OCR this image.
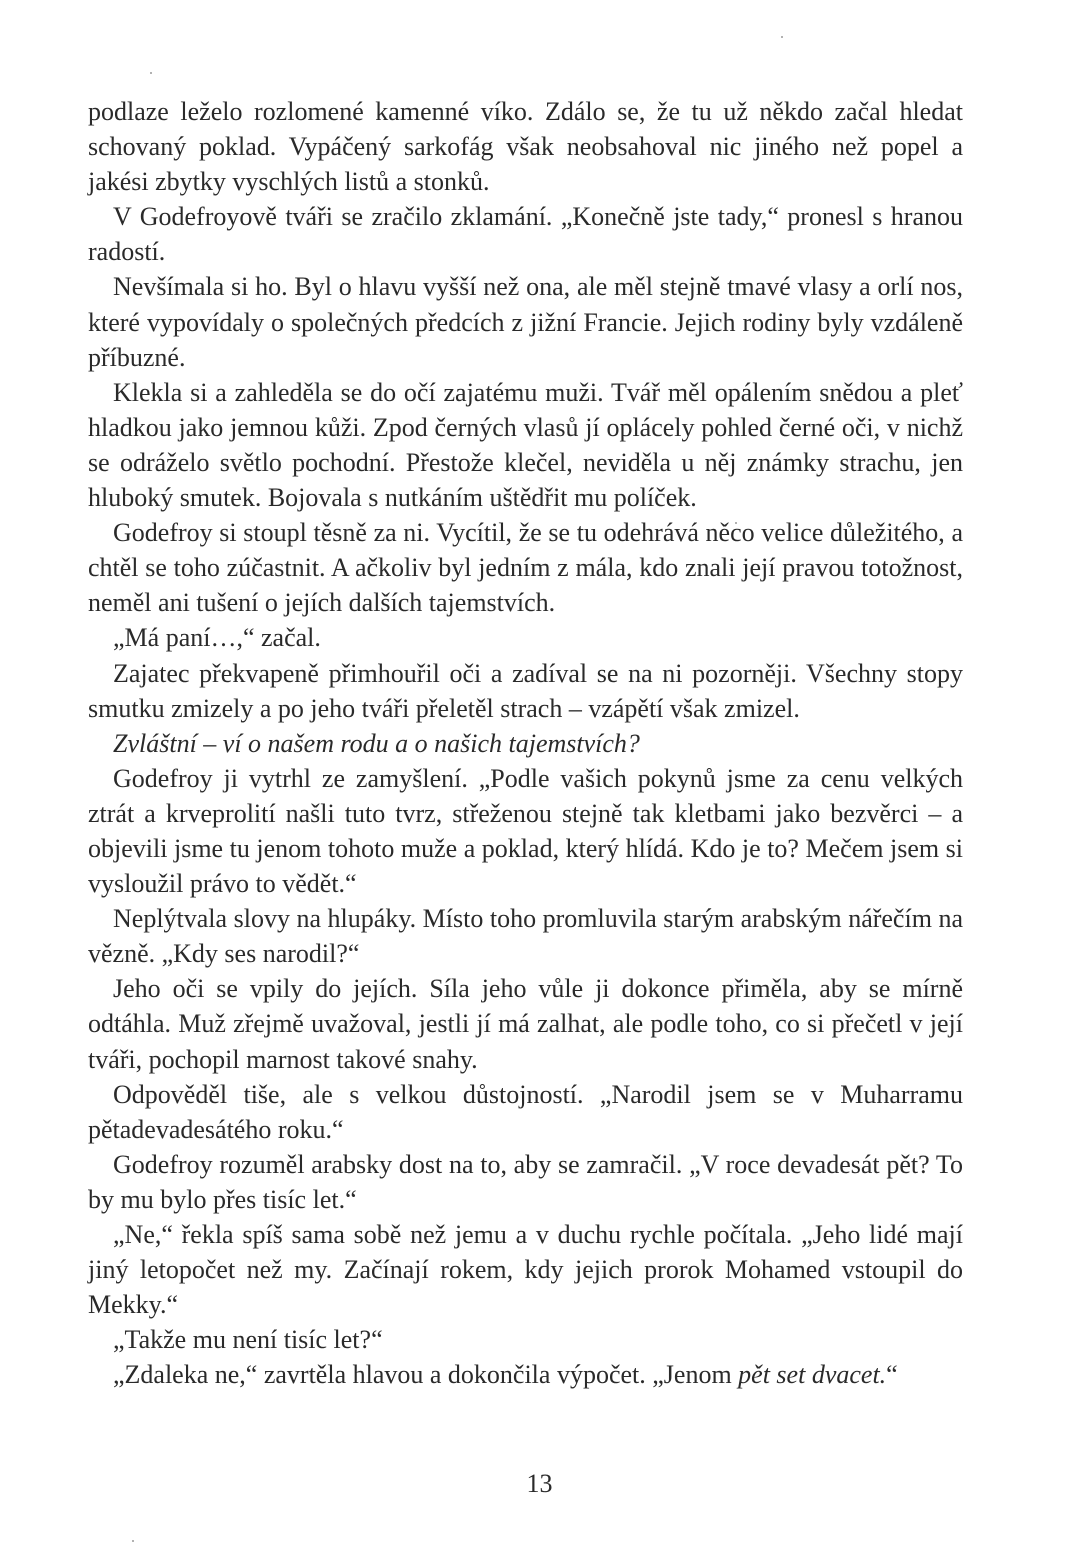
podlaze leželo rozlomené kamenné víko. Zdálo se, že tu už někdo začal hledat schovaný poklad. Vypáčený sarkofág však neobsahoval nic jiného než popel a jakési zbytky vyschlých listů a stonků.

V Godefroyově tváři se zračilo zklamání. „Konečně jste tady,“ pronesl s hranou radostí.

Nevšímala si ho. Byl o hlavu vyšší než ona, ale měl stejně tmavé vlasy a orlí nos, které vypovídaly o společných předcích z jižní Francie. Jejich rodiny byly vzdáleně příbuzné.

Klekla si a zahleděla se do očí zajatému muži. Tvář měl opálením snědou a pleť hladkou jako jemnou kůži. Zpod černých vlasů jí oplácely pohled černé oči, v nichž se odráželo světlo pochodní. Přestože klečel, neviděla u něj známky strachu, jen hluboký smutek. Bojovala s nutkáním uštědřit mu políček.

Godefroy si stoupl těsně za ni. Vycítil, že se tu odehrává něco velice důležitého, a chtěl se toho zúčastnit. A ačkoliv byl jedním z mála, kdo znali její pravou totožnost, neměl ani tušení o jejích dalších tajemstvích.

„Má paní…,“ začal.

Zajatec překvapeně přimhouřil oči a zadíval se na ni pozorněji. Všechny stopy smutku zmizely a po jeho tváři přeletěl strach – vzápětí však zmizel.

Zvláštní – ví o našem rodu a o našich tajemstvích?

Godefroy ji vytrhl ze zamyšlení. „Podle vašich pokynů jsme za cenu velkých ztrát a krveprolití našli tuto tvrz, střeženou stejně tak kletbami jako bezvěrci – a objevili jsme tu jenom tohoto muže a poklad, který hlídá. Kdo je to? Mečem jsem si vysloužil právo to vědět.“

Neplýtvala slovy na hlupáky. Místo toho promluvila starým arabským nářečím na vězně. „Kdy ses narodil?“

Jeho oči se vpily do jejích. Síla jeho vůle ji dokonce přiměla, aby se mírně odtáhla. Muž zřejmě uvažoval, jestli jí má zalhat, ale podle toho, co si přečetl v její tváři, pochopil marnost takové snahy.

Odpověděl tiše, ale s velkou důstojností. „Narodil jsem se v Muharramu pětadevadesátého roku.“

Godefroy rozuměl arabsky dost na to, aby se zamračil. „V roce devadesát pět? To by mu bylo přes tisíc let.“

„Ne,“ řekla spíš sama sobě než jemu a v duchu rychle počítala. „Jeho lidé mají jiný letopočet než my. Začínají rokem, kdy jejich prorok Mohamed vstoupil do Mekky.“

„Takže mu není tisíc let?“

„Zdaleka ne,“ zavrtěla hlavou a dokončila výpočet. „Jenom pět set dvacet.“

13
